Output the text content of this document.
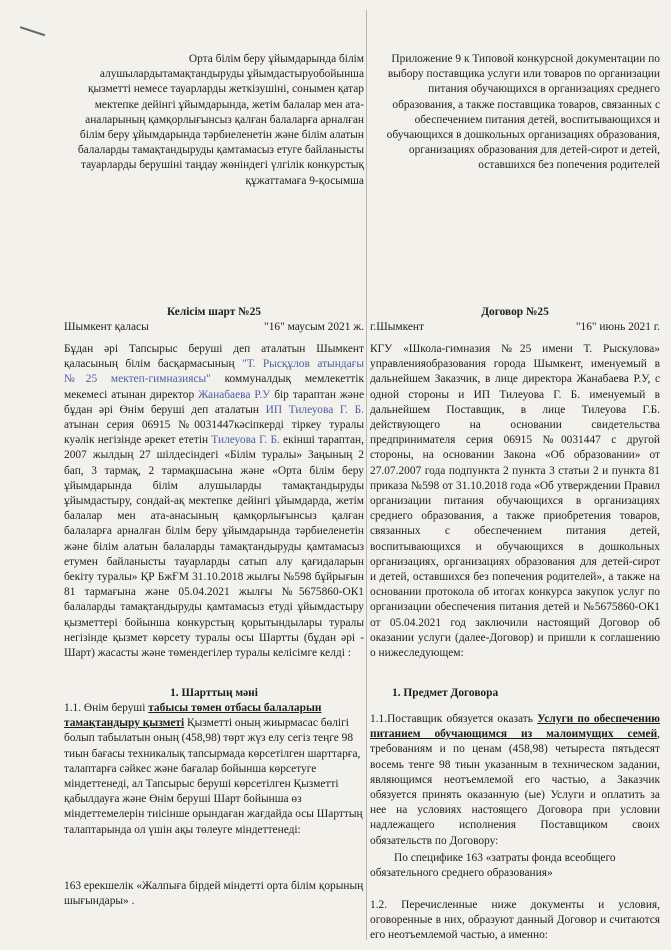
Орта білім беру ұйымдарында білім алушылардытамақтандыруды ұйымдастыруобойынша қызметті немесе тауарларды жеткізушіні, сонымен қатар мектепке дейінгі ұйымдарында, жетім балалар мен ата-аналарының қамқорлығынсыз қалған балаларға арналған білім беру ұйымдарында тәрбиеленетін және білім алатын балаларды тамақтандыруды қамтамасыз етуге байланысты тауарларды берушіні таңдау жөніндегі үлгілік конкурстық құжаттамаға 9-қосымша

Келісім шарт №25

Шымкент қаласы	"16" маусым 2021 ж.
Бұдан әрі Тапсырыс беруші деп аталатын Шымкент қаласының білім басқармасының "Т. Рысқұлов атындағы №25 мектеп-гимназиясы" коммуналдық мемлекеттік мекемесі атынан директор Жанабаева Р.У бір тараптан және бұдан әрі Өнім беруші деп аталатын ИП Тилеуова Г. Б. атынан серия 06915 №0031447кәсіпкерді тіркеу туралы куәлік негізінде әрекет ететін Тилеуова Г. Б. екінші тараптан, 2007 жылдың 27 шілдесіндегі «Білім туралы» Заңының 2 бап, 3 тармақ, 2 тармақшасына және «Орта білім беру ұйымдарында білім алушыларды тамақтандыруды ұйымдастыру, сондай-ақ мектепке дейінгі ұйымдарда, жетім балалар мен ата-анасының қамқорлығынсыз қалған балаларға арналған білім беру ұйымдарында тәрбиеленетін және білім алатын балаларды тамақтандыруды қамтамасыз етумен байланысты тауарларды сатып алу қағидаларын бекіту туралы» ҚР БжҒМ 31.10.2018 жылғы №598 бұйрығын 81 тармағына және 05.04.2021 жылғы №5675860-ОК1 балаларды тамақтандыруды қамтамасыз етуді ұйымдастыру қызметтері бойынша конкурстың қорытындылары туралы негізінде қызмет көрсету туралы осы Шартты (бұдан әрі - Шарт) жасасты және төмендегілер туралы келісімге келді :

1. Шарттың мәні

1.1. Өнім беруші табысы төмен отбасы балаларын тамақтандыру қызметі Қызметті оның жиырмасас бөлігі болып табылатын оның (458,98) төрт жүз елу сегіз теңге 98 тиын бағасы техникалық тапсырмада көрсетілген шарттарға, талаптарға сәйкес және бағалар бойынша көрсетуге міндеттенеді, ал Тапсырыс беруші көрсетілген Қызметті қабылдауға және Өнім беруші Шарт бойынша өз міндеттемелерін тиісінше орындаған жағдайда осы Шарттың талаптарында ол үшін ақы төлеуге міндеттенеді:

163 ерекшелік «Жалпыға бірдей міндетті орта білім қорының шығындары» .

Приложение 9 к Типовой конкурсной документации по выбору поставщика услуги или товаров по организации питания обучающихся в организациях среднего образования, а также поставщика товаров, связанных с обеспечением питания детей, воспитывающихся и обучающихся в дошкольных организациях образования, организациях образования для детей-сирот и детей, оставшихся без попечения родителей

Договор №25

г.Шымкент	"16" июнь 2021 г.

КГУ «Школа-гимназия №25 имени Т. Рыскулова» управленияобразования города Шымкент, именуемый в дальнейшем Заказчик, в лице директора Жанабаева Р.У, с одной стороны и ИП Тилеуова Г. Б. именуемый в дальнейшем Поставщик, в лице Тилеуова Г.Б. действующего на основании свидетельства предпринимателя серия 06915 №0031447 с другой стороны, на основании Закона «Об образовании» от 27.07.2007 года подпункта 2 пункта 3 статьи 2 и пункта 81 приказа №598 от 31.10.2018 года «Об утверждении Правил организации питания обучающихся в организациях среднего образования, а также приобретения товаров, связанных с обеспечением питания детей, воспитывающихся и обучающихся в дошкольных организациях, организациях образования для детей-сирот и детей, оставшихся без попечения родителей», а также на основании протокола об итогах конкурса закупок услуг по организации обеспечения питания детей и №5675860-ОК1 от 05.04.2021 год заключили настоящий Договор об оказании услуги (далее-Договор) и пришли к соглашению о нижеследующем:

1. Предмет Договора

1.1.Поставщик обязуется оказать Услуги по обеспечению питанием обучающимся из малоимущих семей, требованиям и по ценам (458,98) четыреста пятьдесят восемь тенге 98 тиын указанным в техническом задании, являющимся неотъемлемой его частью, а Заказчик обязуется принять оказанную (ые) Услуги и оплатить за нее на условиях настоящего Договора при условии надлежащего исполнения Поставщиком своих обязательств по Договору:

По специфике 163 «затраты фонда всеобщего обязательного среднего образования»

1.2. Перечисленные ниже документы и условия, оговоренные в них, образуют данный Договор и считаются его неотъемлемой частью, а именно:
